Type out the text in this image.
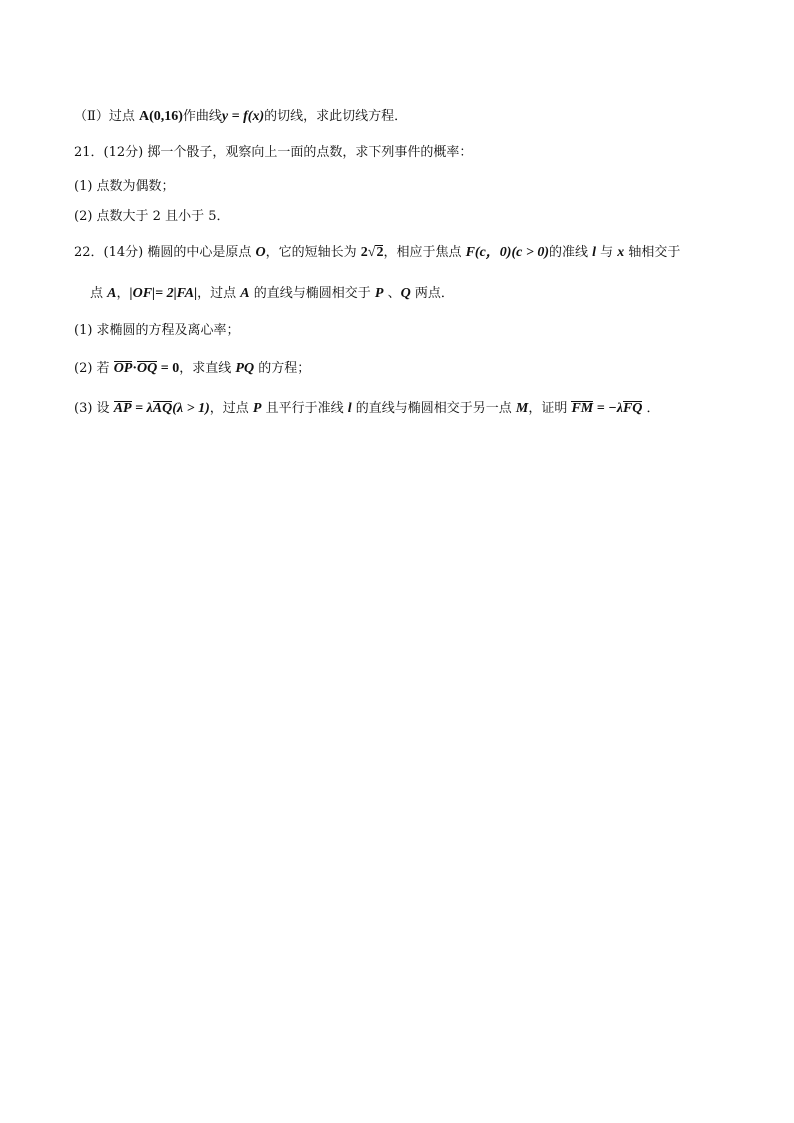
（Ⅱ）过点 A(0,16)作曲线y = f(x)的切线，求此切线方程．
21．(12分) 掷一个骰子，观察向上一面的点数，求下列事件的概率：
(1) 点数为偶数；
(2) 点数大于 2 且小于 5．
22．(14分) 椭圆的中心是原点 O，它的短轴长为 2√2，相应于焦点 F(c，0)(c > 0)的准线 l 与 x 轴相交于
点 A，|OF|= 2|FA|，过点 A 的直线与椭圆相交于 P 、Q 两点．
(1) 求椭圆的方程及离心率；
(2) 若 OP·OQ = 0，求直线 PQ 的方程；
(3) 设 AP = λAQ(λ > 1)，过点 P 且平行于准线 l 的直线与椭圆相交于另一点 M，证明 FM = −λFQ ．
